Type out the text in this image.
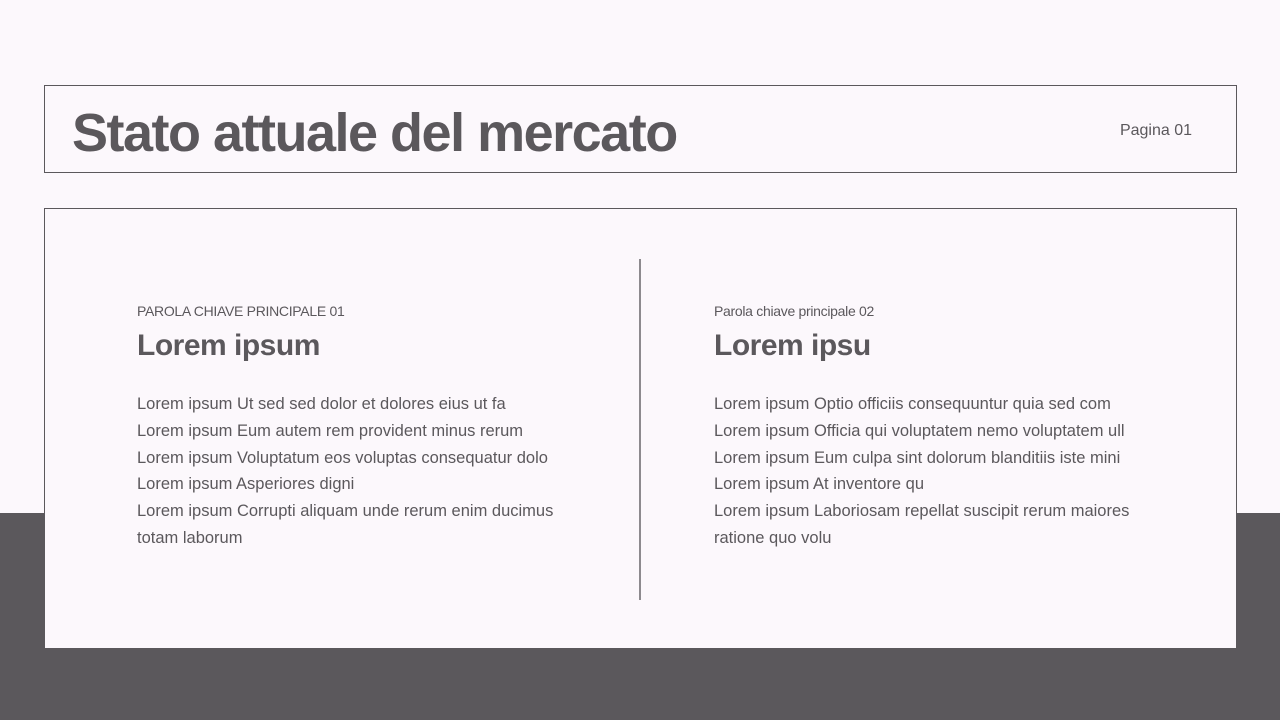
Stato attuale del mercato	Pagina 01
PAROLA CHIAVE PRINCIPALE 01
Lorem ipsum
Lorem ipsum Ut sed sed dolor et dolores eius ut fa
Lorem ipsum Eum autem rem provident minus rerum
Lorem ipsum Voluptatum eos voluptas consequatur dolo
Lorem ipsum Asperiores digni
Lorem ipsum Corrupti aliquam unde rerum enim ducimus
totam laborum
Parola chiave principale 02
Lorem ipsu
Lorem ipsum Optio officiis consequuntur quia sed com
Lorem ipsum Officia qui voluptatem nemo voluptatem ull
Lorem ipsum Eum culpa sint dolorum blanditiis iste mini
Lorem ipsum At inventore qu
Lorem ipsum Laboriosam repellat suscipit rerum maiores
ratione quo volu
